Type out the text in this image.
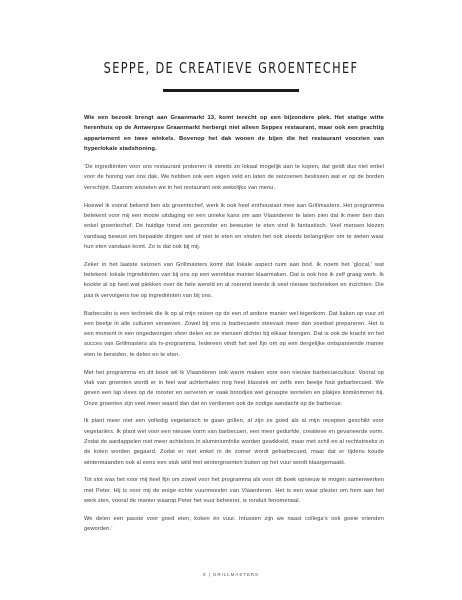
SEPPE, DE CREATIEVE GROENTECHEF

Wie een bezoek brengt aan Graanmarkt 13, komt terecht op een bijzondere plek. Het statige witte herenhuis op de Antwerpse Graanmarkt herbergt niet alleen Seppes restaurant, maar ook een prachtig appartement en twee winkels. Bovenop het dak wonen de bijen die het restaurant voorzien van hyperlokale stadshoning.

‘De ingrediënten voor ons restaurant proberen ik steeds zo lokaal mogelijk aan te kopen, dat geldt dus niet enkel voor de honing van ons dak. We hebben ook een eigen veld en laten de seizoenen beslissen wat er op de borden verschijnt. Daarom wisselen we in het restaurant ook wekelijks van menu.

Hoewel ik vooral bekend ben als groentechef, werk ik ook heel enthousiast mee aan Grillmasters. Het programma betekent voor mij een mooie uitdaging en een unieke kans om aan Vlaanderen te laten zien dat ik meer ben dan enkel groentechef. De huidige trend om gezonder en bewuster te eten vind ik fantastisch. Veel mensen kiezen vandaag bewust om bepaalde dingen wel of niet te eten en vinden het ook steeds belangrijker om te weten waar hun eten vandaan komt. Zo is dat ook bij mij.

Zeker in het laatste seizoen van Grillmasters komt dat lokale aspect ruim aan bod. Ik noem het ‘glocal,’ wat betekent: lokale ingrediënten van bij ons op een wereldse manier klaarmaken. Dat is ook hoe ik zelf graag werk. Ik kookte al op heel wat plekken over de hele wereld en al roerend leerde ik veel nieuwe technieken en inzichten. Die pas ik vervolgens toe op ingrediënten van bij ons.

Barbecuën is een techniek die ik op al mijn reizen op de een of andere manier wel tegenkom. Dat kaken op vuur zit een beetje in alle culturen verweven. Zowel bij ons is barbecueën steevast meer dan voedsel prepareren. Het is een moment in een ongedwongen sfeer delen en ze mensen dichter bij elkaar brengen. Dat is ook de kracht en het succes van Grillmasters als tv-programma. Iedereen vindt het wel fijn om op een dergelijke ontspannende manier eten te bereiden, te delen en te eten.

Met het programma en dit boek wil ik Vlaanderen ook warm maken voor een nieuwe barbecuecultuur. Vooral op vlak van groenten wordt er in feel wat achterhalen nog heel klassiek en zelfs een beetje fout gebarbecued. We geven een lap vlees op de rooster en serveren er vaak broodjes wel geraspte wortelen en plakjes komkommer bij. Onze groenten zijn veel meer waard dan dat en verdienen ook de nodige aandacht op de barbecue.

Ik plant meer niet een volledig vegetarisch te gaan grillen, al zijn ze goed als al mijn recepten geschikt voor vegetariërs. Ik plant wel voor een nieuwe vorm van barbecuen, een meer gedurfde, creatieve en gevarieerde vorm. Zodat de aardappelen niet meer achteloos in aluminiumfolie worden gewikkeld, maar met schil en al rechtstreeks in de kolen worden gegaard. Zodat er niet enkel in de zomer wordt gebarbecued, maar dat er tijdens koude wintermaanden ook al eens een stuk wild met wintergroenten buiten op het vuur wordt klaargemaakt.

Tot slot was het voor mij heel fijn om zowel voor het programma als voor dit boek opnieuw te mogen samenwerken met Peter. Hij is voor mij de enige echte vuurmeester van Vlaanderen. Het is een waar plezier om hem aan het werk zien, vooral de manier waarop Peter het vuur beheerst, is ronduit fenomenaal.

We delen een passie voor goed eten, koken én vuur. Intussen zijn we naast collega’s ook goeie vrienden geworden.’

8 | GRILLMASTERS
